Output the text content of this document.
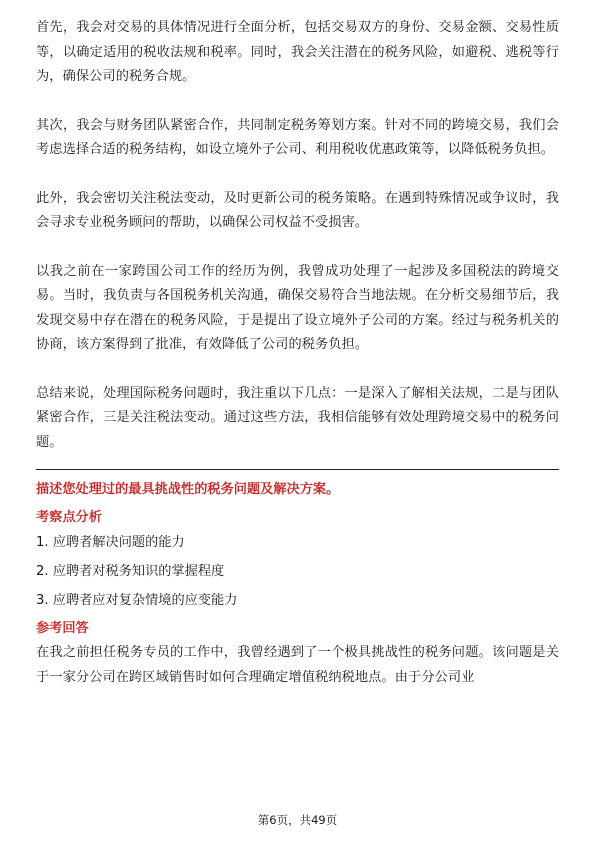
首先，我会对交易的具体情况进行全面分析，包括交易双方的身份、交易金额、交易性质等，以确定适用的税收法规和税率。同时，我会关注潜在的税务风险，如避税、逃税等行为，确保公司的税务合规。

其次，我会与财务团队紧密合作，共同制定税务筹划方案。针对不同的跨境交易，我们会考虑选择合适的税务结构，如设立境外子公司、利用税收优惠政策等，以降低税务负担。

此外，我会密切关注税法变动，及时更新公司的税务策略。在遇到特殊情况或争议时，我会寻求专业税务顾问的帮助，以确保公司权益不受损害。

以我之前在一家跨国公司工作的经历为例，我曾成功处理了一起涉及多国税法的跨境交易。当时，我负责与各国税务机关沟通，确保交易符合当地法规。在分析交易细节后，我发现交易中存在潜在的税务风险，于是提出了设立境外子公司的方案。经过与税务机关的协商，该方案得到了批准，有效降低了公司的税务负担。

总结来说，处理国际税务问题时，我注重以下几点：一是深入了解相关法规，二是与团队紧密合作，三是关注税法变动。通过这些方法，我相信能够有效处理跨境交易中的税务问题。

描述您处理过的最具挑战性的税务问题及解决方案。

考察点分析

1. 应聘者解决问题的能力
2. 应聘者对税务知识的掌握程度
3. 应聘者应对复杂情境的应变能力

参考回答

在我之前担任税务专员的工作中，我曾经遇到了一个极具挑战性的税务问题。该问题是关于一家分公司在跨区域销售时如何合理确定增值税纳税地点。由于分公司业

第6页，共49页
